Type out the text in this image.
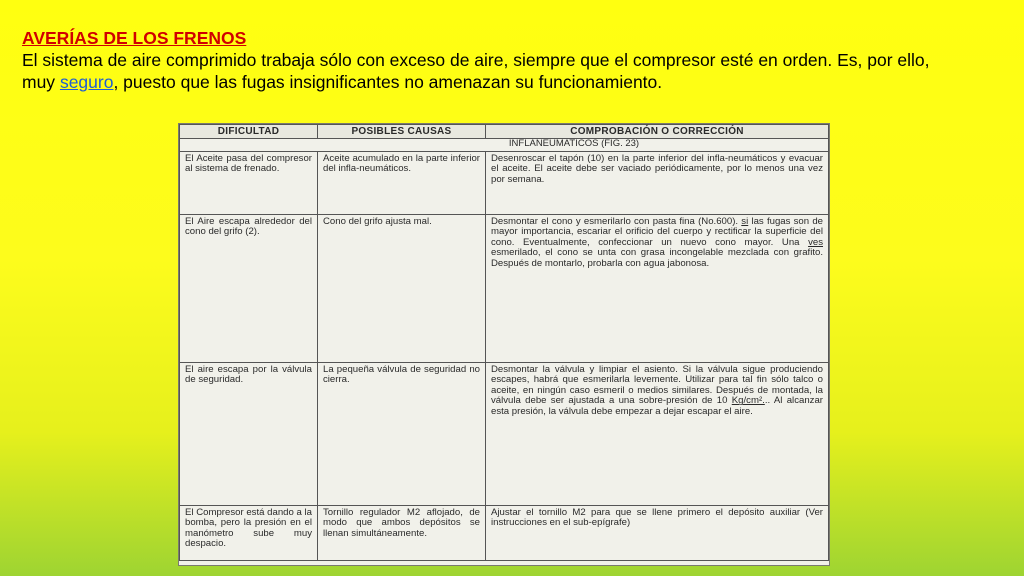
AVERÍAS DE LOS FRENOS
El sistema de aire comprimido trabaja sólo con exceso de aire, siempre que el compresor esté en orden. Es, por ello,
muy seguro, puesto que las fugas insignificantes no amenazan su funcionamiento.
DIFICULTAD	POSIBLES CAUSAS	COMPROBACIÓN O CORRECCIÓN
INFLANEUMATICOS (FIG. 23)		
El Aceite pasa del compresor al sistema de frenado.	Aceite acumulado en la parte inferior del infla-neumáticos.	Desenroscar el tapón (10) en la parte inferior del infla-neumáticos y evacuar el aceite. El aceite debe ser vaciado periódicamente, por lo menos una vez por semana.
El Aire escapa alrededor del cono del grifo (2).	Cono del grifo ajusta mal.	Desmontar el cono y esmerilarlo con pasta fina (No.600). si las fugas son de mayor importancia, escariar el orificio del cuerpo y rectificar la superficie del cono. Eventualmente, confeccionar un nuevo cono mayor. Una ves esmerilado, el cono se unta con grasa incongelable mezclada con grafito. Después de montarlo, probarla con agua jabonosa.
El aire escapa por la válvula de seguridad.	La pequeña válvula de seguridad no cierra.	Desmontar la válvula y limpiar el asiento. Si la válvula sigue produciendo escapes, habrá que esmerilarla levemente. Utilizar para tal fin sólo talco o aceite, en ningún caso esmeril o medios similares. Después de montada, la válvula debe ser ajustada a una sobre-presión de 10 Kg/cm²... Al alcanzar esta presión, la válvula debe empezar a dejar escapar el aire.
El Compresor está dando a la bomba, pero la presión en el manómetro sube muy despacio.	Tornillo regulador M2 aflojado, de modo que ambos depósitos se llenan simultáneamente.	Ajustar el tornillo M2 para que se llene primero el depósito auxiliar (Ver instrucciones en el sub-epígrafe)
